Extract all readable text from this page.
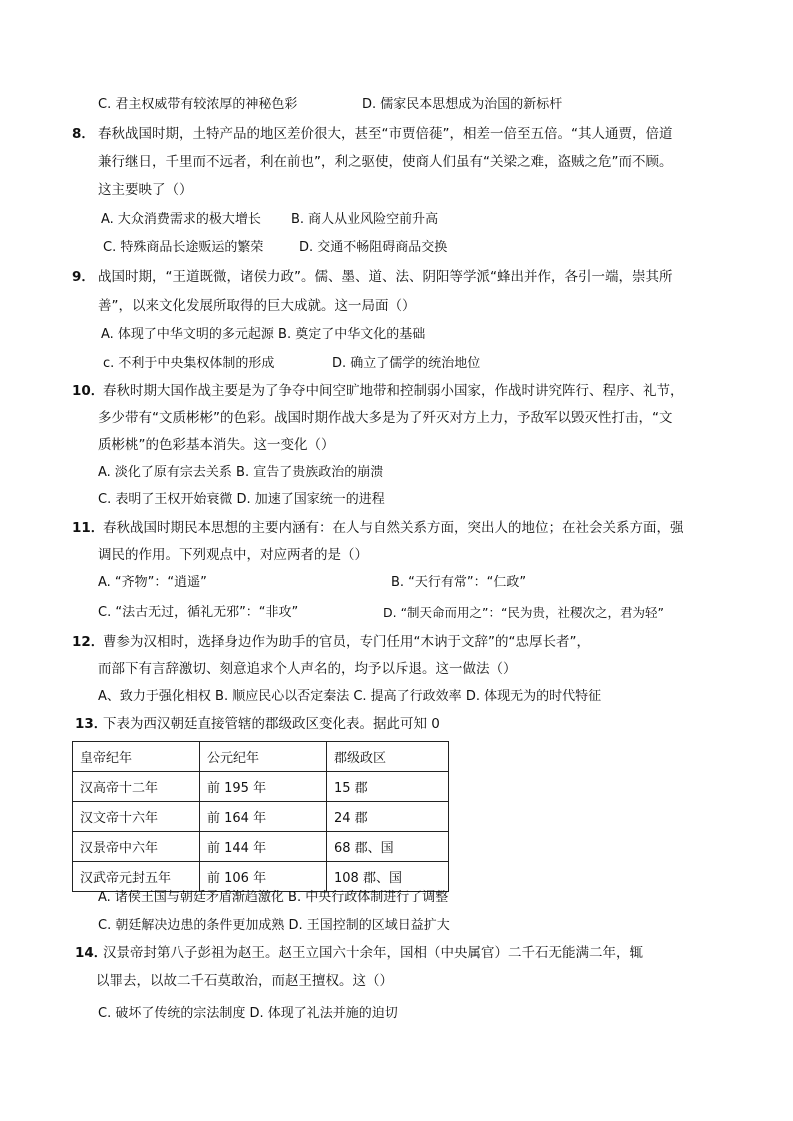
C. 君主权威带有较浓厚的神秘色彩	D. 儒家民本思想成为治国的新标杆
8． 春秋战国时期，土特产品的地区差价很大，甚至“市贾倍蓰”，相差一倍至五倍。“其人通贾，倍道
兼行继日，千里而不远者，利在前也”，利之驱使，使商人们虽有“关梁之难，盗贼之危”而不顾。
这主要映了（）
A. 大众消费需求的极大增长 B. 商人从业风险空前升高
C. 特殊商品长途贩运的繁荣	D. 交通不畅阻碍商品交换
9． 战国时期，“王道既微，诸侯力政”。儒、墨、道、法、阴阳等学派“蜂出并作，各引一端，崇其所
善”，以来文化发展所取得的巨大成就。这一局面（）
A. 体现了中华文明的多元起源 B. 奠定了中华文化的基础
c. 不利于中央集权体制的形成	D. 确立了儒学的统治地位
10．
春秋时期大国作战主要是为了争夺中间空旷地带和控制弱小国家，作战时讲究阵行、程序、礼节，
多少带有“文质彬彬”的色彩。战国时期作战大多是为了歼灭对方上力，予敌军以毁灭性打击，“文
质彬桃”的色彩基本消失。这一变化（）
A. 淡化了原有宗去关系 B. 宣告了贵族政治的崩溃
C. 表明了王权开始衰微 D. 加速了国家统一的进程
11．
春秋战国时期民本思想的主要内涵有：在人与自然关系方面，突出人的地位；在社会关系方面，强
调民的作用。下列观点中，对应两者的是（）
A. “齐物”：“逍遥”	B. “天行有常”：“仁政”
C. “法古无过，循礼无邪”：“非攻”	D. “制天命而用之”：“民为贵，社稷次之，君为轻”
12．
曹参为汉相时，选择身边作为助手的官员，专门任用“木讷于文辞”的“忠厚长者”，
而部下有言辞激切、刻意追求个人声名的，均予以斥退。这一做法（）
A、致力于强化相权 B. 顺应民心以否定秦法 C. 提高了行政效率 D. 体现无为的时代特征
13．
下表为西汉朝廷直接管辖的郡级政区变化表。据此可知 0
皇帝纪年	公元纪年	郡级政区
汉高帝十二年	前 195 年	15 郡
汉文帝十六年	前 164 年	24 郡
汉景帝中六年	前 144 年	68 郡、国
汉武帝元封五年	前 106 年	108 郡、国
A. 诸侯王国与朝廷矛盾渐趋激化 B. 中央行政体制进行了调整
C. 朝廷解决边患的条件更加成熟 D. 王国控制的区域日益扩大
14．
汉景帝封第八子彭祖为赵王。赵王立国六十余年，国相（中央属官）二千石无能满二年，辄
以罪去，以故二千石莫敢治，而赵王擅权。这（）
C. 破坏了传统的宗法制度 D. 体现了礼法并施的迫切
